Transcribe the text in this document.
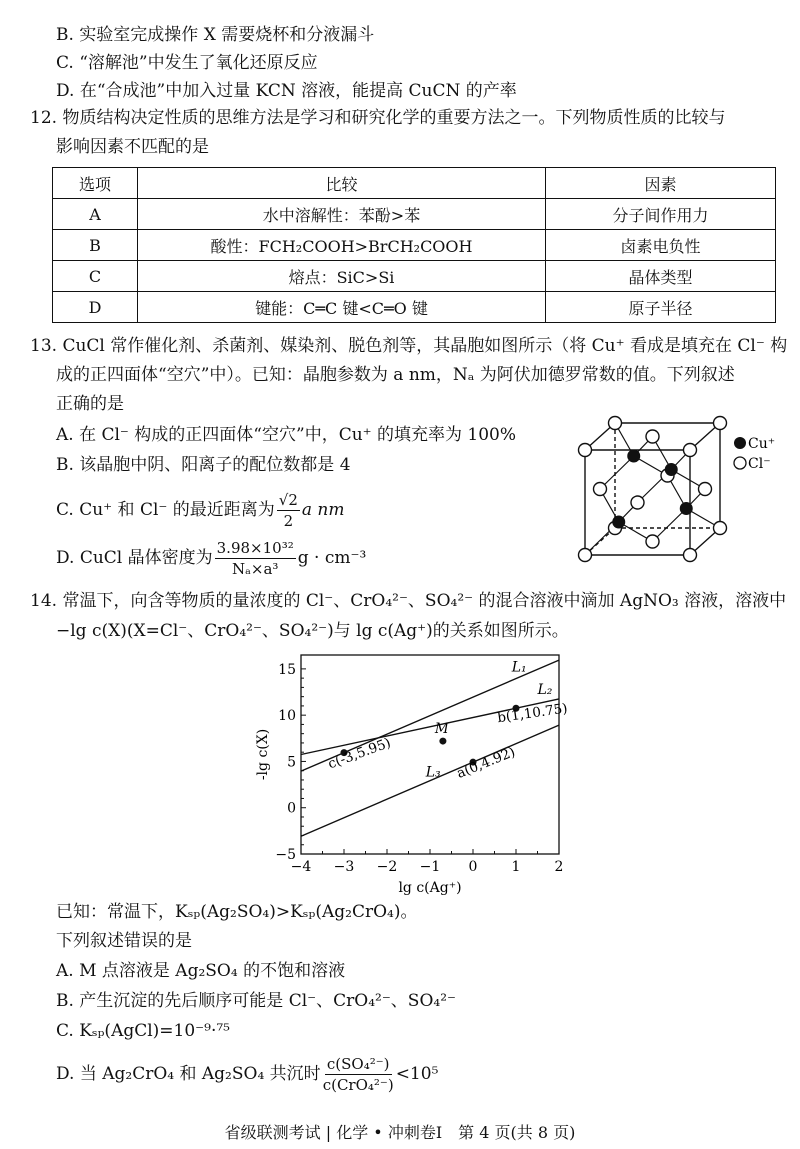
B. 实验室完成操作 X 需要烧杯和分液漏斗
C. “溶解池”中发生了氧化还原反应
D. 在“合成池”中加入过量 KCN 溶液，能提高 CuCN 的产率
12. 物质结构决定性质的思维方法是学习和研究化学的重要方法之一。下列物质性质的比较与
影响因素不匹配的是
选项	比较	因素
A	水中溶解性：苯酚>苯	分子间作用力
B	酸性：FCH₂COOH>BrCH₂COOH	卤素电负性
C	熔点：SiC>Si	晶体类型
D	键能：C═C 键<C═O 键	原子半径
13. CuCl 常作催化剂、杀菌剂、媒染剂、脱色剂等，其晶胞如图所示（将 Cu⁺ 看成是填充在 Cl⁻ 构
成的正四面体“空穴”中）。已知：晶胞参数为 a nm，Nₐ 为阿伏加德罗常数的值。下列叙述
正确的是
A. 在 Cl⁻ 构成的正四面体“空穴”中，Cu⁺ 的填充率为 100%
B. 该晶胞中阴、阳离子的配位数都是 4
C. Cu⁺ 和 Cl⁻ 的最近距离为 $\frac{√2}{2}$ a nm
D. CuCl 晶体密度为 $\frac{\text{3.98×10³²}}{\text{Nₐ×a³}}$ g · cm⁻³
Cu⁺
Cl⁻
14. 常温下，向含等物质的量浓度的 Cl⁻、CrO₄²⁻、SO₄²⁻ 的混合溶液中滴加 AgNO₃ 溶液，溶液中
−lg c(X)(X=Cl⁻、CrO₄²⁻、SO₄²⁻)与 lg c(Ag⁺)的关系如图所示。
−4 −3 −2 −1 0 1 2
−5
0
5
10
15
lg c(Ag⁺)
-lg c(X)
L₁
L₂
L₃
c(-3,5.95)
b(1,10.75)
a(0,4.92)
M
已知：常温下，Kₛₚ(Ag₂SO₄)>Kₛₚ(Ag₂CrO₄)。
下列叙述错误的是
A. M 点溶液是 Ag₂SO₄ 的不饱和溶液
B. 产生沉淀的先后顺序可能是 Cl⁻、CrO₄²⁻、SO₄²⁻
C. Kₛₚ(AgCl)=10⁻⁹·⁷⁵
D. 当 Ag₂CrO₄ 和 Ag₂SO₄ 共沉时 $\frac{\text{c(SO₄²⁻)}}{\text{c(CrO₄²⁻)}} <10^5$
省级联测考试 | 化学 • 冲刺卷Ⅰ　第 4 页(共 8 页)
